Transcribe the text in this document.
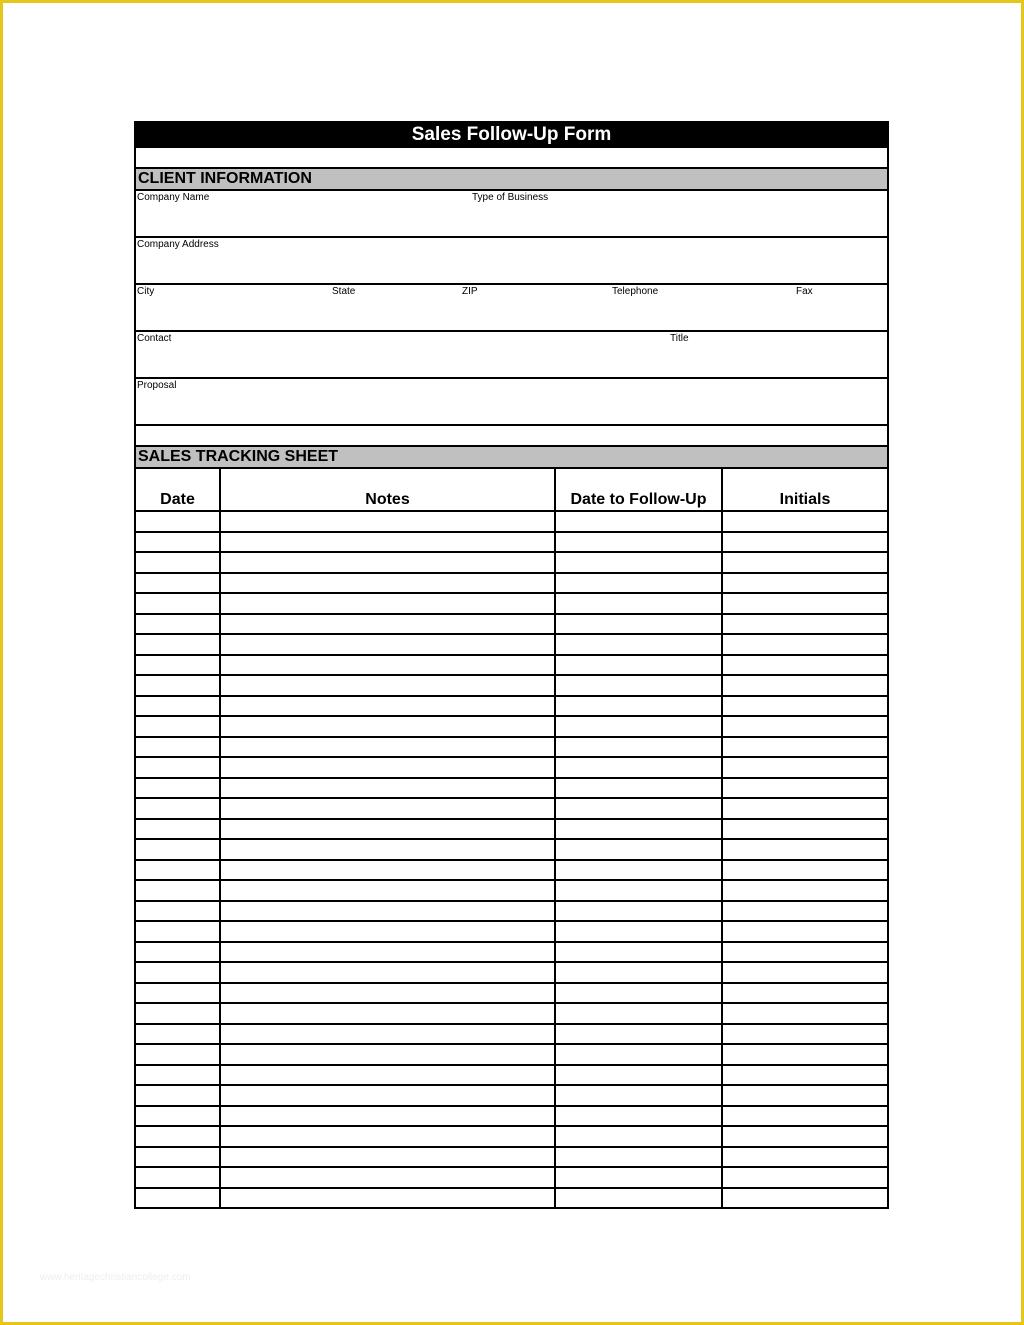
Sales Follow-Up Form
CLIENT INFORMATION
Company Name	Type of Business
Company Address
City	State	ZIP	Telephone	Fax
Contact	Title
Proposal
SALES TRACKING SHEET
Date	Notes	Date to Follow-Up	Initials

www.heritagechristiancollege.com
